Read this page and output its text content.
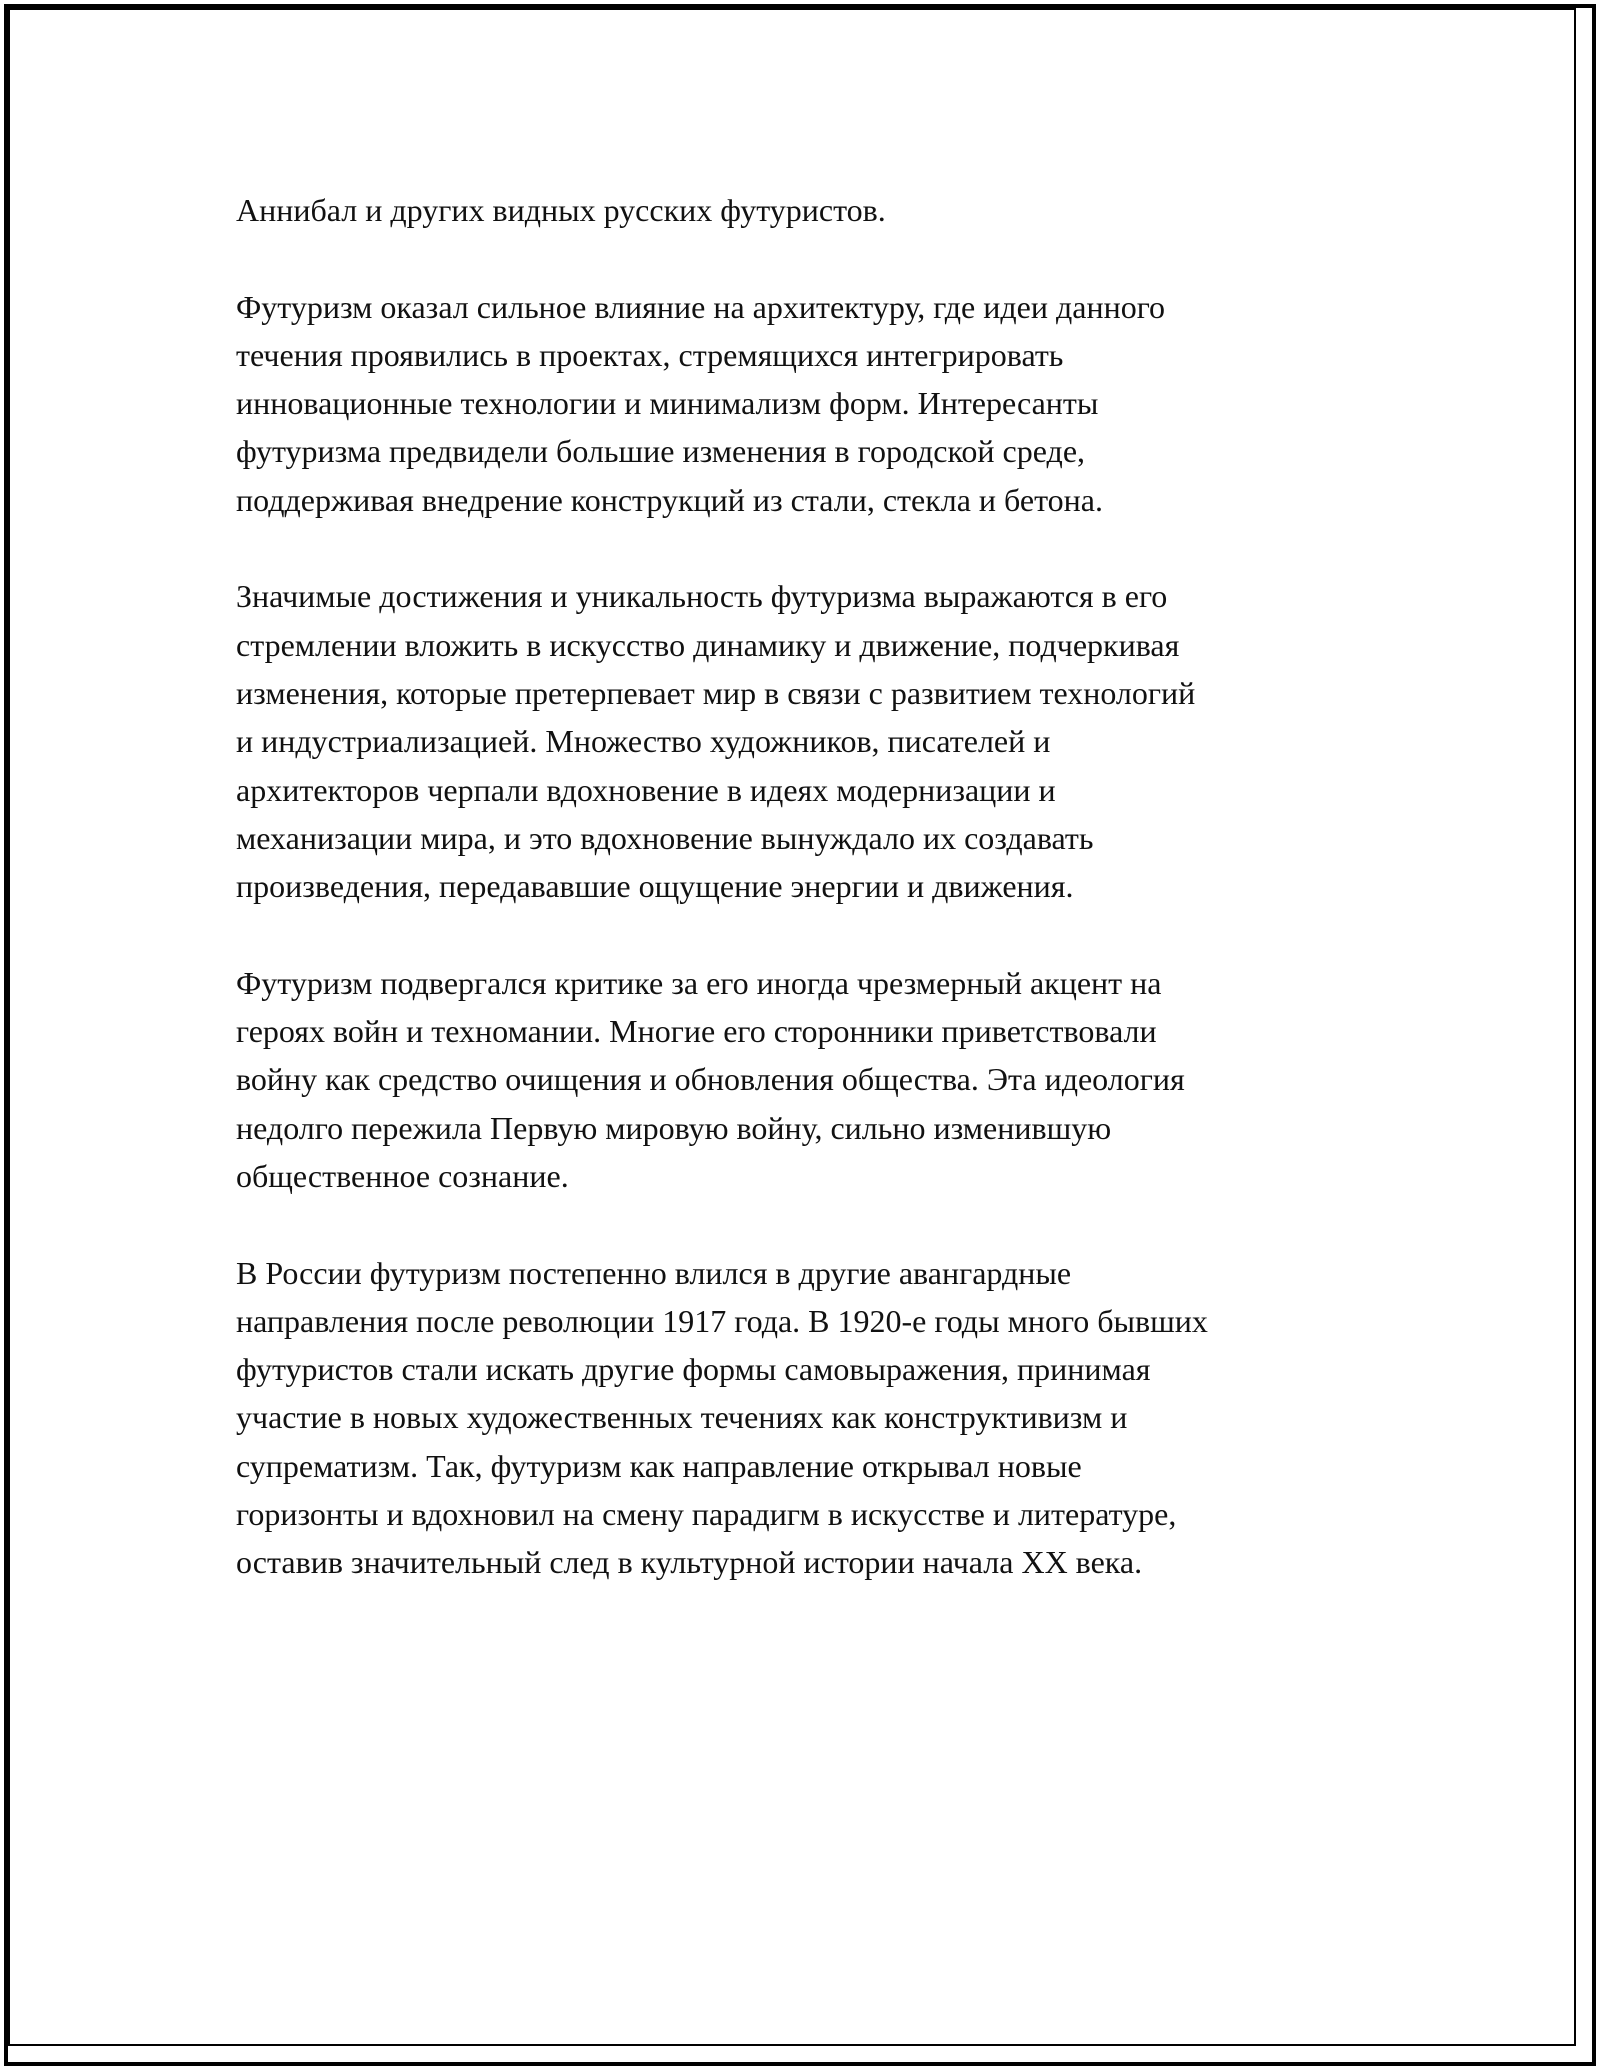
Аннибал и других видных русских футуристов.

Футуризм оказал сильное влияние на архитектуру, где идеи данного
течения проявились в проектах, стремящихся интегрировать
инновационные технологии и минимализм форм. Интересанты
футуризма предвидели большие изменения в городской среде,
поддерживая внедрение конструкций из стали, стекла и бетона.

Значимые достижения и уникальность футуризма выражаются в его
стремлении вложить в искусство динамику и движение, подчеркивая
изменения, которые претерпевает мир в связи с развитием технологий
и индустриализацией. Множество художников, писателей и
архитекторов черпали вдохновение в идеях модернизации и
механизации мира, и это вдохновение вынуждало их создавать
произведения, передававшие ощущение энергии и движения.

Футуризм подвергался критике за его иногда чрезмерный акцент на
героях войн и техномании. Многие его сторонники приветствовали
войну как средство очищения и обновления общества. Эта идеология
недолго пережила Первую мировую войну, сильно изменившую
общественное сознание.

В России футуризм постепенно влился в другие авангардные
направления после революции 1917 года. В 1920-е годы много бывших
футуристов стали искать другие формы самовыражения, принимая
участие в новых художественных течениях как конструктивизм и
супрематизм. Так, футуризм как направление открывал новые
горизонты и вдохновил на смену парадигм в искусстве и литературе,
оставив значительный след в культурной истории начала XX века.
